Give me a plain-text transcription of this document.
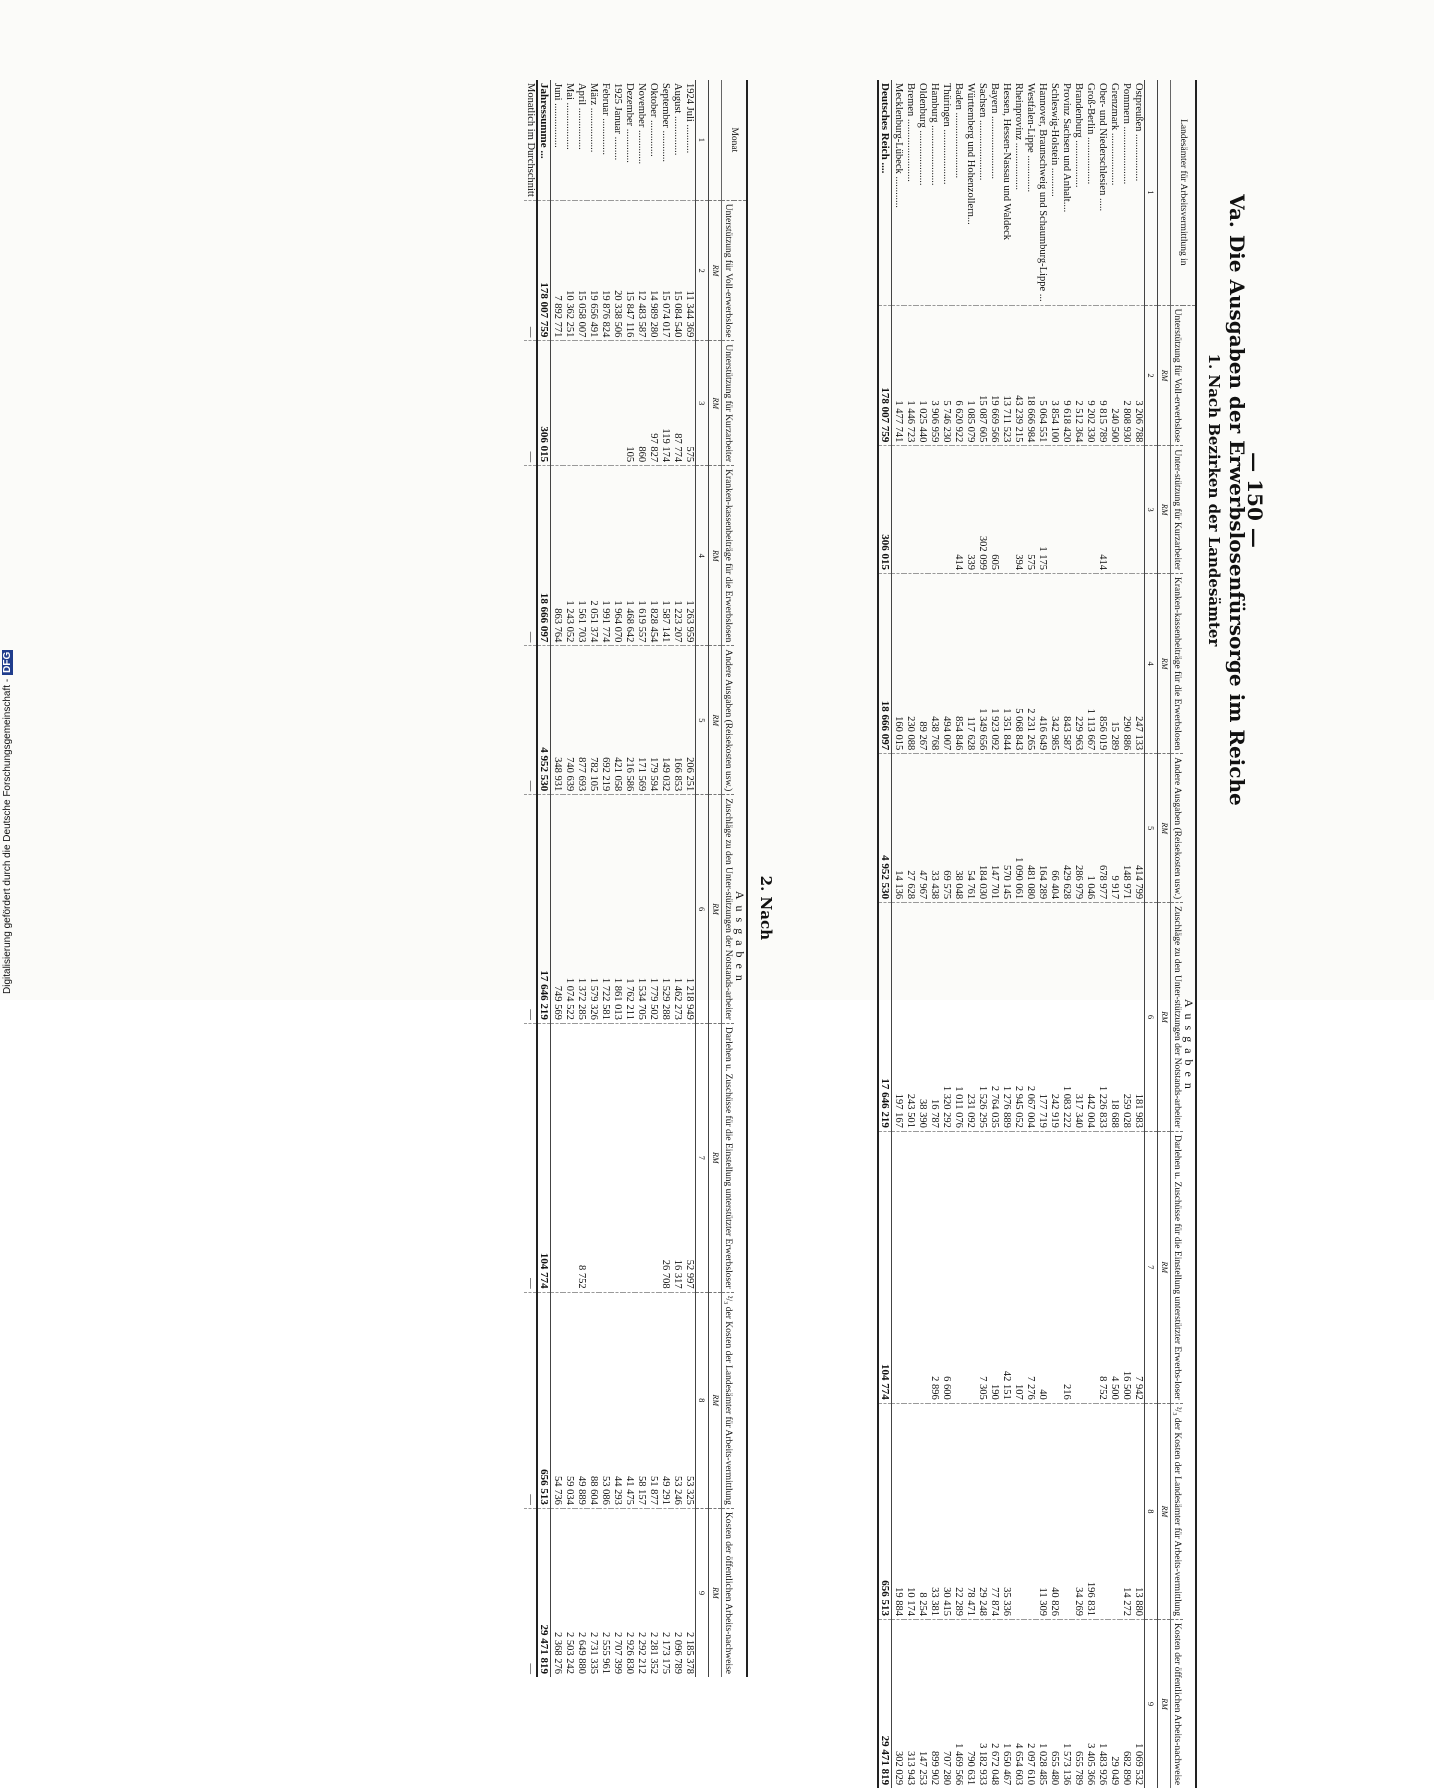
— 150 —
Va. Die Ausgaben der Erwerbslosenfürsorge im Reiche
1. Nach Bezirken der Landesämter
Landesämter für Arbeitsvermittlung in	Ausgaben							
	Unterstützung für Voll-erwerbslose	Unter-stützung für Kurzarbeiter	Kranken-kassenbeiträge für die Erwerbslosen	Andere Ausgaben (Reisekosten usw.)	Zuschläge zu den Unter-stützungen der Notstands-arbeiter	Darlehen u. Zuschüsse für die Einstellung unterstützter Erwerbs-loser	²/₃ der Kosten der Landesämter für Arbeits-vermittlung	Kosten der öffentlichen Arbeits-nachweise
	RM	RM	RM	RM	RM	RM	RM	RM
1	2	3	4	5	6	7	8	9
Ostpreußen ..................	3 206 788		247 133	414 799	181 983	7 942	13 880	1 069 532
Pommern ......................	2 808 930		290 886	148 971	259 028	16 500	14 272	682 890
Grenzmark ....................	240 500		15 289	9 917	18 688	4 500		29 049
Ober- und Niederschlesien .....	9 815 789	414	856 019	678 977	1 226 833	8 752		1 483 926
Groß-Berlin ..................	9 202 330		1 113 667	1 046	442 004		196 831	3 405 366
Brandenburg ..................	2 512 364		229 963	286 979	317 340		34 269	655 789
Provinz Sachsen und Anhalt....	9 618 420		843 587	429 628	1 083 222	216		1 573 136
Schleswig-Holstein ...........	3 854 100		342 985	66 404	242 919		40 826	655 480
Hannover, Braunschweig und Schaumburg-Lippe ...	5 064 551	1 175	416 649	164 289	177 719	40	11 309	1 028 485
Westfalen-Lippe ..............	18 666 984	575	2 231 265	481 080	2 067 004	7 276		2 097 610
Rheinprovinz ..................	43 239 215	394	5 068 843	1 090 061	2 945 052	107		4 654 603
Hessen, Hessen-Nassau und Waldeck	13 711 523		1 351 844	570 145	1 276 889	42 151	35 336	1 650 467
Bayern ........................	19 669 566	605	1 923 092	147 701	2 764 035	190	77 874	2 672 048
Sachsen .......................	15 087 605	302 099	1 349 656	184 030	1 526 295	7 305	29 248	3 182 933
Württemberg und Hohenzollern...	1 085 079	339	117 628	54 761	231 092		78 471	790 631
Baden .........................	6 620 922	414	854 846	38 048	1 011 076		22 289	1 469 566
Thüringen .....................	5 746 230		494 007	69 575	1 320 292	6 600	30 415	707 280
Hamburg .......................	3 906 959		438 768	33 438	16 787	2 896	33 381	899 902
Oldenburg .....................	1 025 440		89 267	47 967	38 390		8 254	147 253
Bremen ........................	1 446 723		230 088	27 628	243 501		10 174	313 943
Mecklenburg-Lübeck ............	1 477 741		160 015	14 136	197 167		19 884	302 029
Deutsches Reich ....	178 007 759	306 015	18 666 097	4 952 530	17 646 219	104 774	656 513	29 471 819
2. Nach
Monat	Ausgaben							
	Unterstützung für Voll-erwerbslose	Unterstützung für Kurzarbeiter	Kranken-kassenbeiträge für die Erwerbslosen	Andere Ausgaben (Reisekosten usw.)	Zuschläge zu den Unter-stützungen der Notstands-arbeiter	Darlehen u. Zuschüsse für die Einstellung unterstützter Erwerbsloser	²/₃ der Kosten der Landesämter für Arbeits-vermittlung	Kosten der öffentlichen Arbeits-nachweise
	RM	RM	RM	RM	RM	RM	RM	RM
1	2	3	4	5	6	7	8	9
1924 Juli ...........	11 344 369	575	1 263 959	206 251	1 218 949	52 997	53 325	2 185 378
August ...............	15 084 540	87 774	1 223 207	166 853	1 462 273	16 317	53 246	2 096 789
September ............	15 074 017	119 174	1 587 141	149 032	1 529 288	26 708	49 291	2 173 175
Oktober ..............	14 989 280	97 827	1 828 454	179 594	1 779 502		51 877	2 281 352
November .............	12 483 587	860	1 619 557	171 569	1 534 705		58 157	2 292 212
Dezember .............	15 847 116	105	1 468 642	216 586	1 762 211		41 475	2 926 830
1925 Januar .........	20 338 506		1 964 070	421 058	1 861 013		44 293	2 707 399
Februar ..............	19 876 824		1 991 774	692 219	1 722 581		53 086	2 555 961
März .................	19 656 491		2 051 374	782 105	1 579 326		88 604	2 731 335
April ................	15 058 007		1 561 703	877 693	1 372 285	8 752	49 889	2 649 880
Mai ..................	10 362 251		1 243 052	740 639	1 074 522		59 034	2 503 242
Juni .................	7 892 771		863 764	348 931	749 569		54 736	2 368 276
Jahressumme ...	178 007 759	306 015	18 666 097	4 952 530	17 646 219	104 774	656 513	29 471 819
Monatlich im Durchschnitt	—	—	—	—	—	—	—	—
Digitalisierung gefördert durch die Deutsche Forschungsgemeinschaft -DFG
